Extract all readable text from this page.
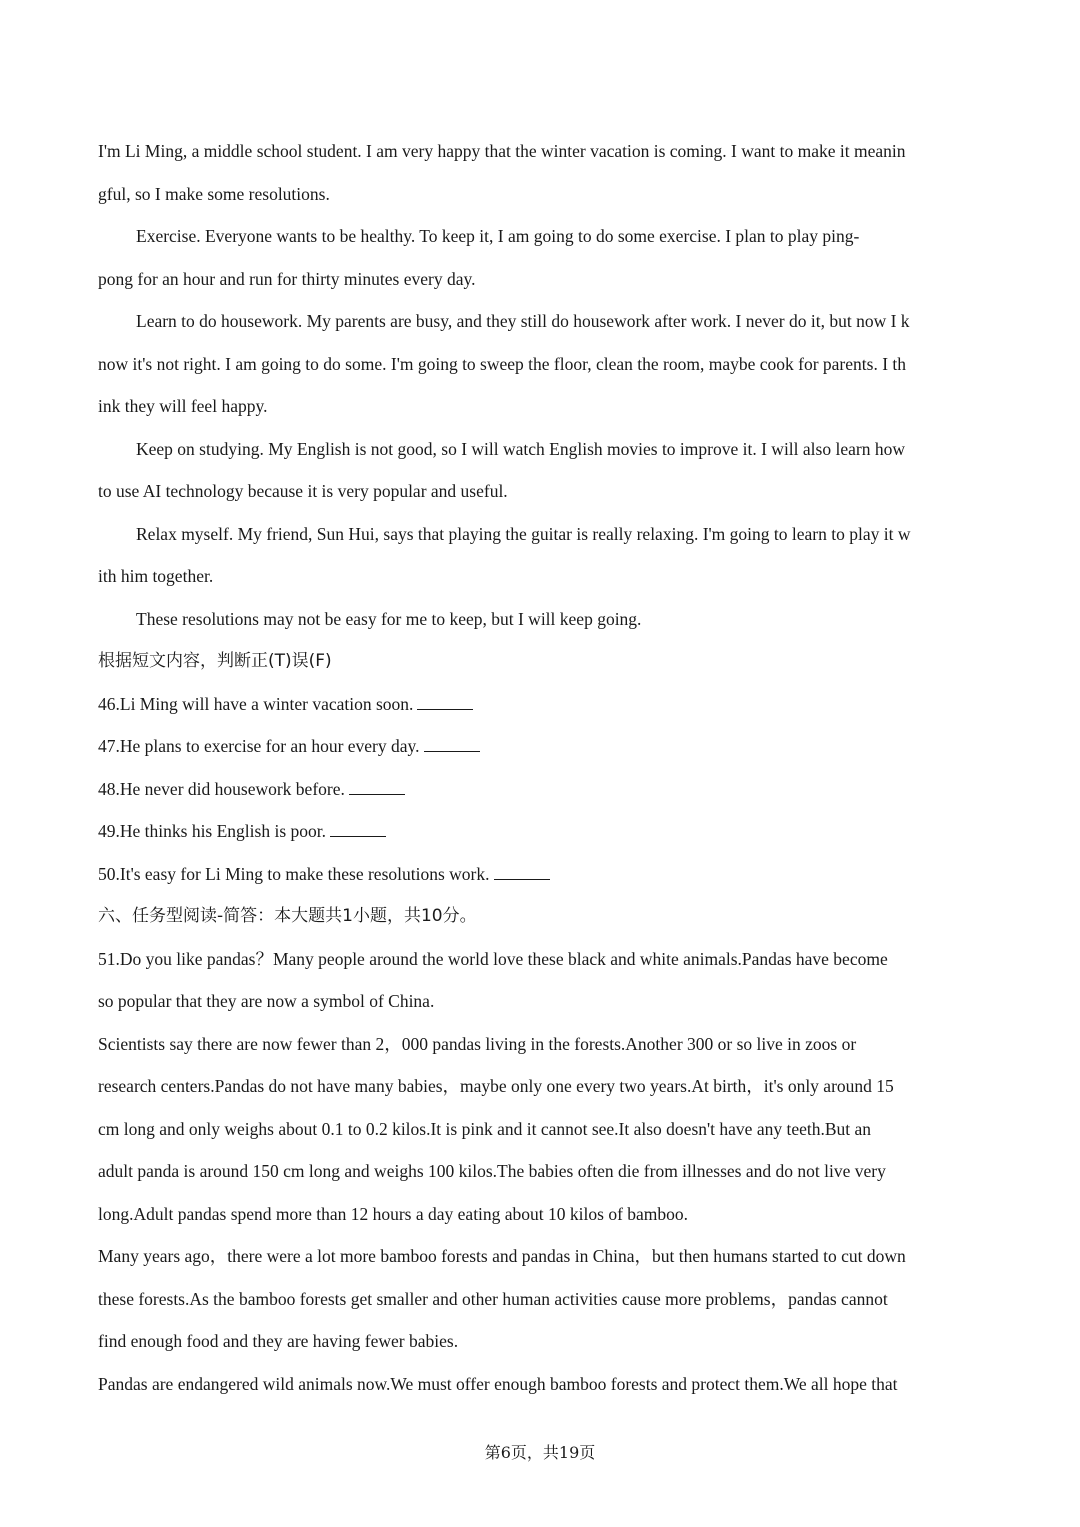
I'm Li Ming, a middle school student. I am very happy that the winter vacation is coming. I want to make it meanin
gful, so I make some resolutions.
Exercise. Everyone wants to be healthy. To keep it, I am going to do some exercise. I plan to play ping-
pong for an hour and run for thirty minutes every day.
Learn to do housework. My parents are busy, and they still do housework after work. I never do it, but now I k
now it's not right. I am going to do some. I'm going to sweep the floor, clean the room, maybe cook for parents. I th
ink they will feel happy.
Keep on studying. My English is not good, so I will watch English movies to improve it. I will also learn how
to use AI technology because it is very popular and useful.
Relax myself. My friend, Sun Hui, says that playing the guitar is really relaxing. I'm going to learn to play it w
ith him together.
These resolutions may not be easy for me to keep, but I will keep going.
根据短文内容，判断正(T)误(F)
46.Li Ming will have a winter vacation soon.
47.He plans to exercise for an hour every day.
48.He never did housework before.
49.He thinks his English is poor.
50.It's easy for Li Ming to make these resolutions work.
六、任务型阅读-简答：本大题共1小题，共10分。
51.Do you like pandas？Many people around the world love these black and white animals.Pandas have become
so popular that they are now a symbol of China.
Scientists say there are now fewer than 2，000 pandas living in the forests.Another 300 or so live in zoos or
research centers.Pandas do not have many babies，maybe only one every two years.At birth，it's only around 15
cm long and only weighs about 0.1 to 0.2 kilos.It is pink and it cannot see.It also doesn't have any teeth.But an
adult panda is around 150 cm long and weighs 100 kilos.The babies often die from illnesses and do not live very
long.Adult pandas spend more than 12 hours a day eating about 10 kilos of bamboo.
Many years ago，there were a lot more bamboo forests and pandas in China，but then humans started to cut down
these forests.As the bamboo forests get smaller and other human activities cause more problems，pandas cannot
find enough food and they are having fewer babies.
Pandas are endangered wild animals now.We must offer enough bamboo forests and protect them.We all hope that
第6页，共19页
